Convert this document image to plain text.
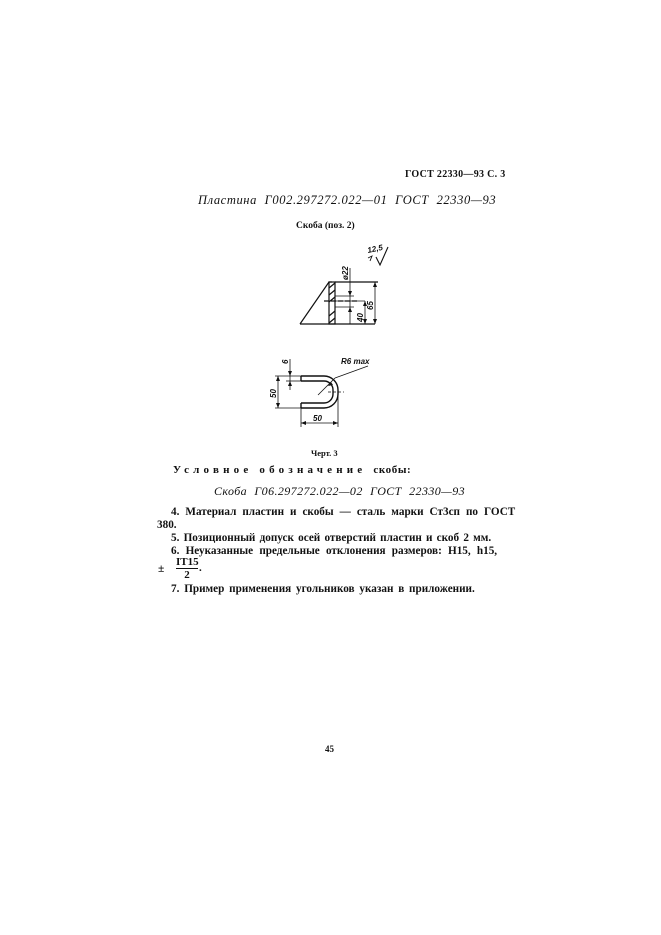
ГОСТ 22330—93 С. 3
Пластина Г002.297272.022—01 ГОСТ 22330—93
Скоба (поз. 2)
ø22
40
65
12,5
50
6
50
R6 max
Черт. 3
Условное обозначение скобы:
Скоба Г06.297272.022—02 ГОСТ 22330—93
4. Материал пластин и скобы — сталь марки Ст3сп по ГОСТ
380.
5. Позиционный допуск осей отверстий пластин и скоб 2 мм.
6. Неуказанные предельные отклонения размеров: H15, h15,
± $\frac{IT15}{2}$ .
7. Пример применения угольников указан в приложении.
45
